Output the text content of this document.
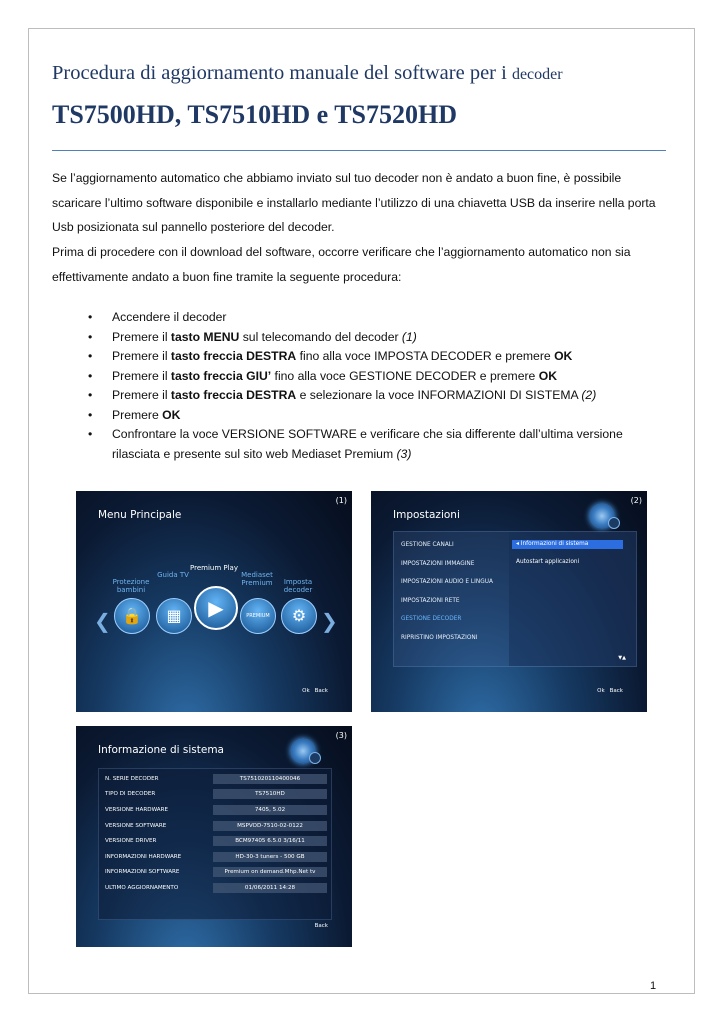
Procedura di aggiornamento manuale del software per i decoder
TS7500HD, TS7510HD e TS7520HD
Se l’aggiornamento automatico che abbiamo inviato sul tuo decoder non è andato a buon fine, è possibile scaricare l’ultimo software disponibile e installarlo mediante l’utilizzo di una chiavetta USB da inserire nella porta Usb posizionata sul pannello posteriore del decoder.
Prima di procedere con il download del software, occorre verificare che l’aggiornamento automatico non sia effettivamente andato a buon fine tramite la seguente procedura:
• Accendere il decoder
• Premere il tasto MENU sul telecomando del decoder (1)
• Premere il tasto freccia DESTRA fino alla voce IMPOSTA DECODER e premere OK
• Premere il tasto freccia GIU’ fino alla voce GESTIONE DECODER e premere OK
• Premere il tasto freccia DESTRA e selezionare la voce INFORMAZIONI DI SISTEMA (2)
• Premere OK
• Confrontare la voce VERSIONE SOFTWARE e verificare che sia differente dall’ultima versione rilasciata e presente sul sito web Mediaset Premium (3)
(1)
Menu Principale
Protezione bambini
Guida TV
Premium Play
Mediaset Premium	Imposta decoder
🔒	▦	▶	PREMIUM	⚙
❮	❯
Ok Back
(2)
Impostazioni
GESTIONE CANALI
IMPOSTAZIONI IMMAGINE
IMPOSTAZIONI AUDIO E LINGUA
IMPOSTAZIONI RETE
GESTIONE DECODER
RIPRISTINO IMPOSTAZIONI
◂ Informazioni di sistema
Autostart applicazioni
▼▲
Ok Back
(3)
Informazione di sistema
N. SERIE DECODER	TS751020110400046
TIPO DI DECODER	TS7510HD
VERSIONE HARDWARE	7405, 5.02
VERSIONE SOFTWARE	MSPVOD-7510-02-0122
VERSIONE DRIVER	BCM97405 6.5.0 3/16/11
INFORMAZIONI HARDWARE	HD-30-3 tuners - 500 GB
INFORMAZIONI SOFTWARE	Premium on demand.Mhp.Net tv
ULTIMO AGGIORNAMENTO	01/06/2011 14:28
Back
1
